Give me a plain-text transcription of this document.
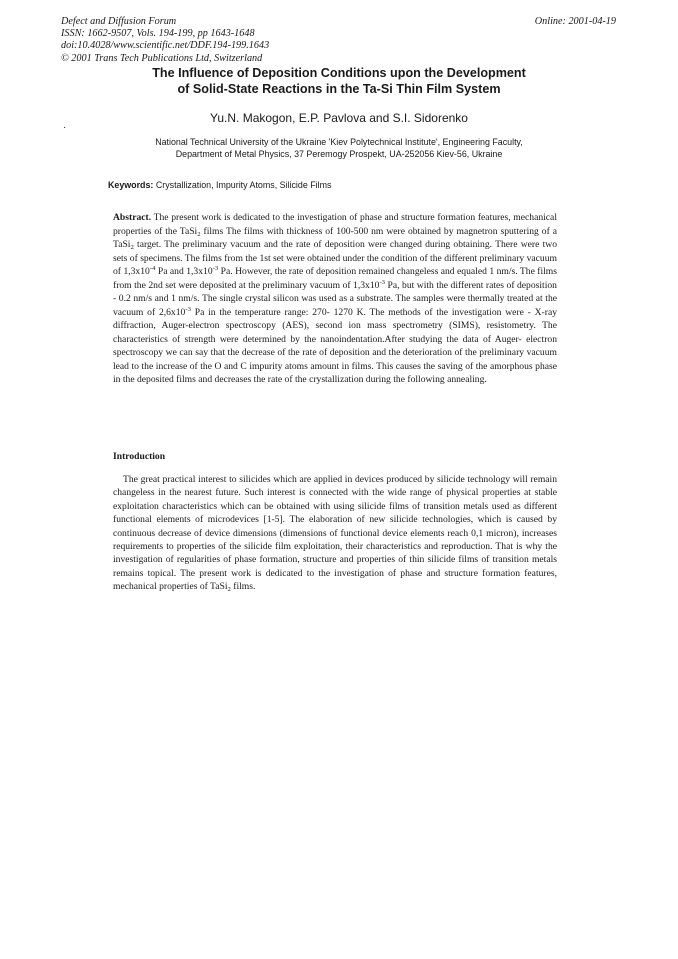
Defect and Diffusion Forum
ISSN: 1662-9507, Vols. 194-199, pp 1643-1648
doi:10.4028/www.scientific.net/DDF.194-199.1643
© 2001 Trans Tech Publications Ltd, Switzerland
Online: 2001-04-19
The Influence of Deposition Conditions upon the Development
of Solid-State Reactions in the Ta-Si Thin Film System
Yu.N. Makogon, E.P. Pavlova and S.I. Sidorenko
·
National Technical University of the Ukraine 'Kiev Polytechnical Institute', Engineering Faculty,
Department of Metal Physics, 37 Peremogy Prospekt, UA-252056 Kiev-56, Ukraine
Keywords: Crystallization, Impurity Atoms, Silicide Films
Abstract. The present work is dedicated to the investigation of phase and structure formation features, mechanical properties of the TaSi$_2$ films The films with thickness of 100-500 nm were obtained by magnetron sputtering of a TaSi$_2$ target. The preliminary vacuum and the rate of deposition were changed during obtaining. There were two sets of specimens. The films from the 1st set were obtained under the condition of the different preliminary vacuum of $1,3x10^{-4}$ Pa and $1,3x10^{-3}$ Pa. However, the rate of deposition remained changeless and equaled 1 nm/s. The films from the 2nd set were deposited at the preliminary vacuum of $1,3x10^{-3}$ Pa, but with the different rates of deposition - 0.2 nm/s and 1 nm/s. The single crystal silicon was used as a substrate. The samples were thermally treated at the vacuum of $2,6x10^{-3}$ Pa in the temperature range: 270- 1270 K. The methods of the investigation were - X-ray diffraction, Auger-electron spectroscopy (AES), second ion mass spectrometry (SIMS), resistometry. The characteristics of strength were determined by the nanoindentation.After studying the data of Auger- electron spectroscopy we can say that the decrease of the rate of deposition and the deterioration of the preliminary vacuum lead to the increase of the O and C impurity atoms amount in films. This causes the saving of the amorphous phase in the deposited films and decreases the rate of the crystallization during the following annealing.
Introduction
The great practical interest to silicides which are applied in devices produced by silicide technology will remain changeless in the nearest future. Such interest is connected with the wide range of physical properties at stable exploitation characteristics which can be obtained with using silicide films of transition metals used as different functional elements of microdevices [1-5]. The elaboration of new silicide technologies, which is caused by continuous decrease of device dimensions (dimensions of functional device elements reach 0,1 micron), increases requirements to properties of the silicide film exploitation, their characteristics and reproduction. That is why the investigation of regularities of phase formation, structure and properties of thin silicide films of transition metals remains topical. The present work is dedicated to the investigation of phase and structure formation features, mechanical properties of TaSi$_2$ films.
